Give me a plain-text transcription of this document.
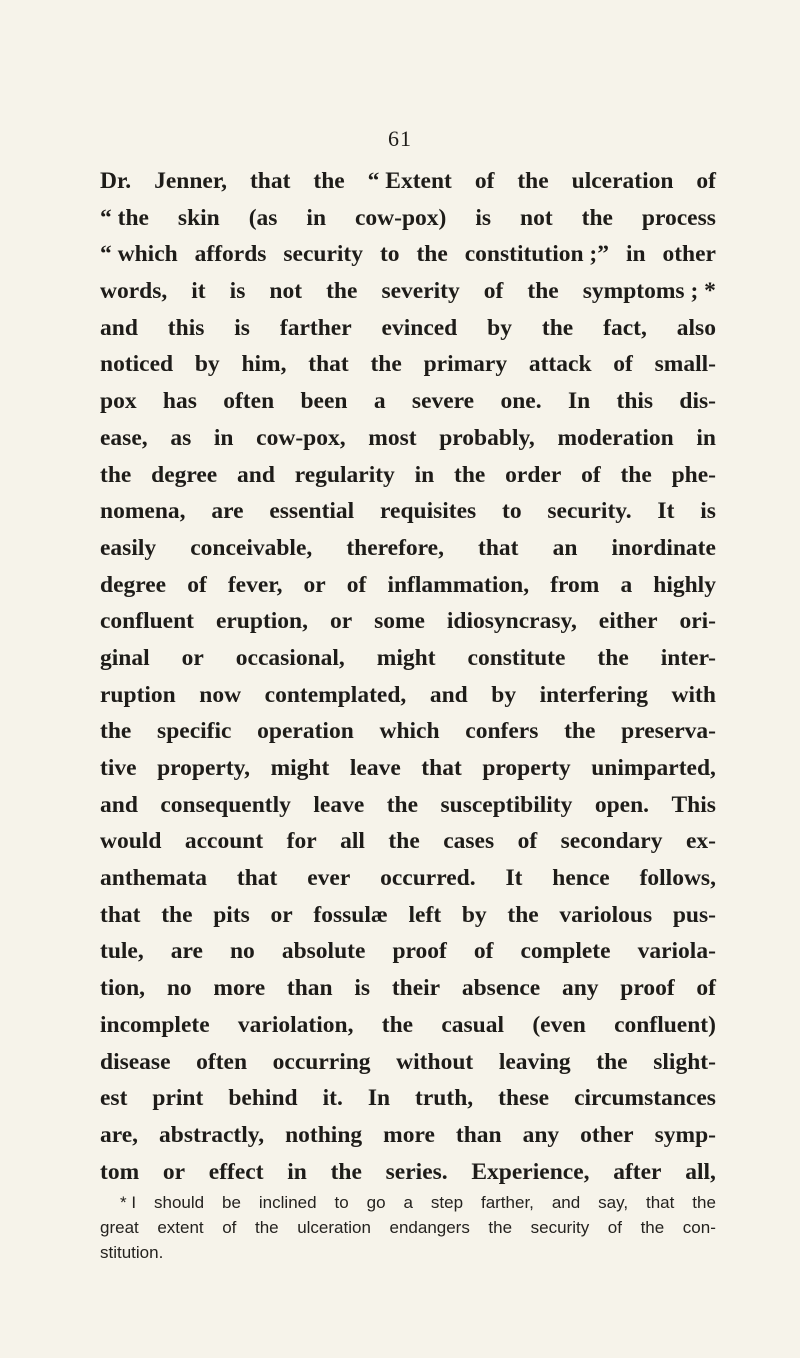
61
Dr. Jenner, that the “ Extent of the ulceration of
“ the skin (as in cow-pox) is not the process
“ which affords security to the constitution ;” in other
words, it is not the severity of the symptoms ; *
and this is farther evinced by the fact, also
noticed by him, that the primary attack of small-
pox has often been a severe one. In this dis-
ease, as in cow-pox, most probably, moderation in
the degree and regularity in the order of the phe-
nomena, are essential requisites to security. It is
easily conceivable, therefore, that an inordinate
degree of fever, or of inflammation, from a highly
confluent eruption, or some idiosyncrasy, either ori-
ginal or occasional, might constitute the inter-
ruption now contemplated, and by interfering with
the specific operation which confers the preserva-
tive property, might leave that property unimparted,
and consequently leave the susceptibility open. This
would account for all the cases of secondary ex-
anthemata that ever occurred. It hence follows,
that the pits or fossulæ left by the variolous pus-
tule, are no absolute proof of complete variola-
tion, no more than is their absence any proof of
incomplete variolation, the casual (even confluent)
disease often occurring without leaving the slight-
est print behind it. In truth, these circumstances
are, abstractly, nothing more than any other symp-
tom or effect in the series. Experience, after all,
* I should be inclined to go a step farther, and say, that the
great extent of the ulceration endangers the security of the con-
stitution.
